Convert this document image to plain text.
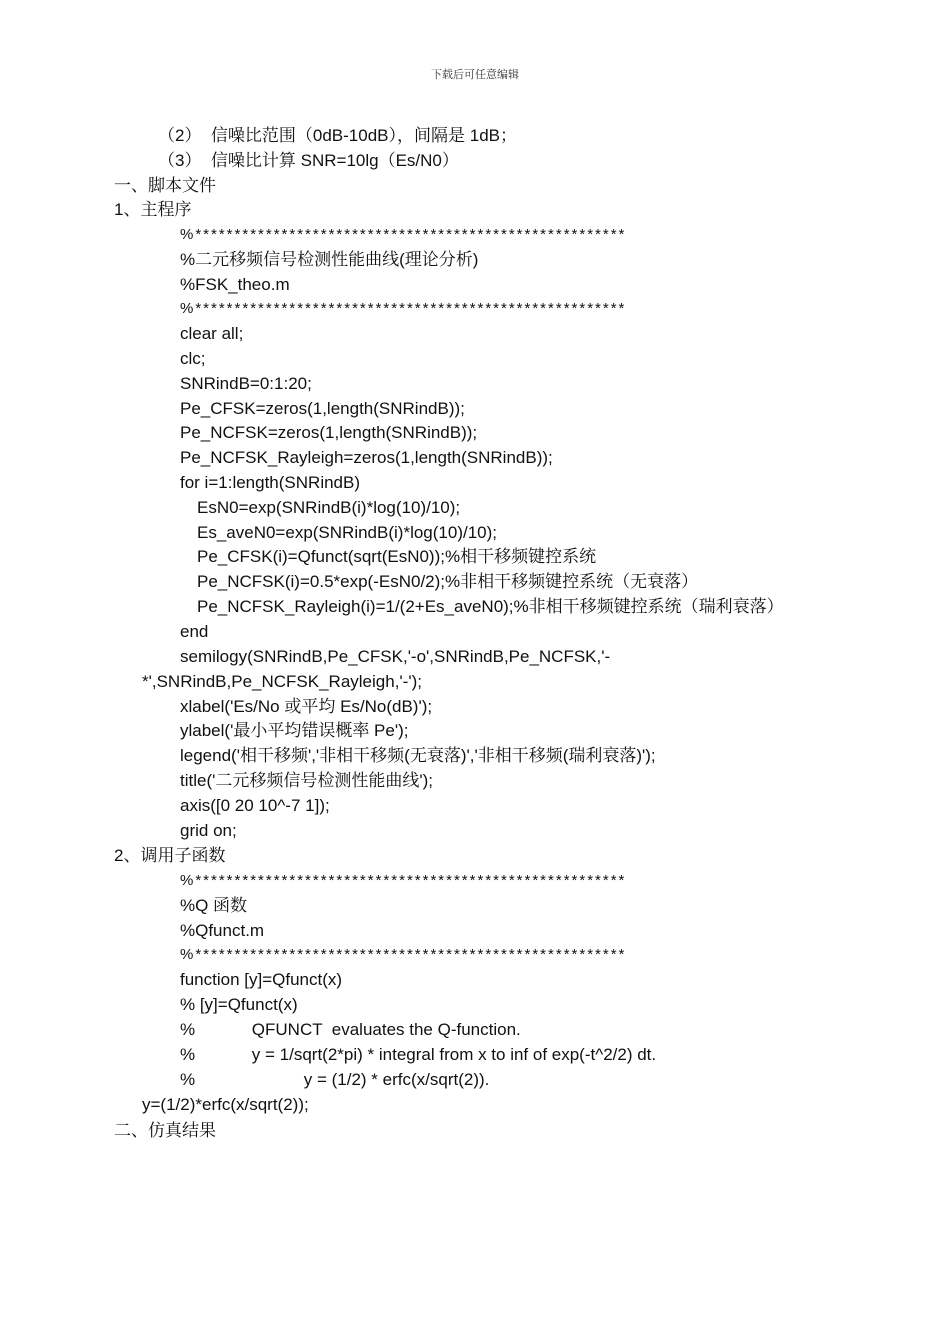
下载后可任意编辑
（2）  信噪比范围（0dB-10dB），间隔是 1dB；
（3）  信噪比计算 SNR=10lg（Es/N0）
一、脚本文件
1、主程序
%*******************************************************
%二元移频信号检测性能曲线(理论分析)
%FSK_theo.m
%*******************************************************
clear all;
clc;
SNRindB=0:1:20;
Pe_CFSK=zeros(1,length(SNRindB));
Pe_NCFSK=zeros(1,length(SNRindB));
Pe_NCFSK_Rayleigh=zeros(1,length(SNRindB));
for i=1:length(SNRindB)
EsN0=exp(SNRindB(i)*log(10)/10);
Es_aveN0=exp(SNRindB(i)*log(10)/10);
Pe_CFSK(i)=Qfunct(sqrt(EsN0));%相干移频键控系统
Pe_NCFSK(i)=0.5*exp(-EsN0/2);%非相干移频键控系统（无衰落）
Pe_NCFSK_Rayleigh(i)=1/(2+Es_aveN0);%非相干移频键控系统（瑞利衰落）
end
semilogy(SNRindB,Pe_CFSK,'-o',SNRindB,Pe_NCFSK,'-
*',SNRindB,Pe_NCFSK_Rayleigh,'-');
xlabel('Es/No 或平均 Es/No(dB)');
ylabel('最小平均错误概率 Pe');
legend('相干移频','非相干移频(无衰落)','非相干移频(瑞利衰落)');
title('二元移频信号检测性能曲线');
axis([0 20 10^-7 1]);
grid on;
2、调用子函数
%*******************************************************
%Q 函数
%Qfunct.m
%*******************************************************
function [y]=Qfunct(x)
% [y]=Qfunct(x)
%            QFUNCT  evaluates the Q-function.
%            y = 1/sqrt(2*pi) * integral from x to inf of exp(-t^2/2) dt.
%                       y = (1/2) * erfc(x/sqrt(2)).
y=(1/2)*erfc(x/sqrt(2));
二、仿真结果
